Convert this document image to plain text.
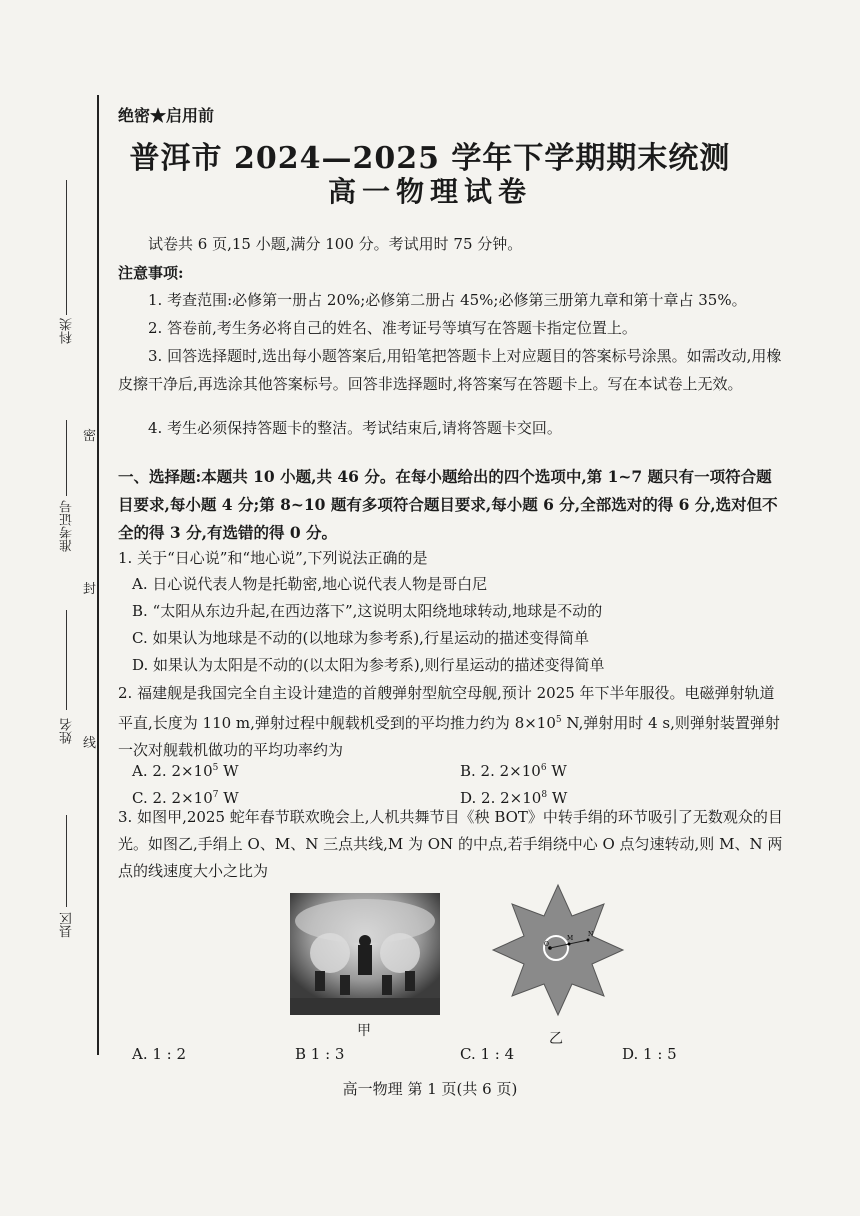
科类
准考证号
姓名
县区
密
封
线
绝密★启用前
普洱市 2024—2025 学年下学期期末统测
高一物理试卷
试卷共 6 页,15 小题,满分 100 分。考试用时 75 分钟。
注意事项:
1. 考查范围:必修第一册占 20%;必修第二册占 45%;必修第三册第九章和第十章占 35%。
2. 答卷前,考生务必将自己的姓名、准考证号等填写在答题卡指定位置上。
3. 回答选择题时,选出每小题答案后,用铅笔把答题卡上对应题目的答案标号涂黑。如需改动,用橡皮擦干净后,再选涂其他答案标号。回答非选择题时,将答案写在答题卡上。写在本试卷上无效。
4. 考生必须保持答题卡的整洁。考试结束后,请将答题卡交回。
一、选择题:本题共 10 小题,共 46 分。在每小题给出的四个选项中,第 1~7 题只有一项符合题目要求,每小题 4 分;第 8~10 题有多项符合题目要求,每小题 6 分,全部选对的得 6 分,选对但不全的得 3 分,有选错的得 0 分。
1. 关于“日心说”和“地心说”,下列说法正确的是
A. 日心说代表人物是托勒密,地心说代表人物是哥白尼
B. “太阳从东边升起,在西边落下”,这说明太阳绕地球转动,地球是不动的
C. 如果认为地球是不动的(以地球为参考系),行星运动的描述变得简单
D. 如果认为太阳是不动的(以太阳为参考系),则行星运动的描述变得简单
2. 福建舰是我国完全自主设计建造的首艘弹射型航空母舰,预计 2025 年下半年服役。电磁弹射轨道平直,长度为 110 m,弹射过程中舰载机受到的平均推力约为 $8\times 10^5$ N,弹射用时 4 s,则弹射装置弹射一次对舰载机做功的平均功率约为
A. 2. $2\times 10^5$ W	B. 2. $2\times 10^6$ W
C. 2. $2\times 10^7$ W	D. 2. $2\times 10^8$ W
3. 如图甲,2025 蛇年春节联欢晚会上,人机共舞节目《秧 BOT》中转手绢的环节吸引了无数观众的目光。如图乙,手绢上 O、M、N 三点共线,M 为 ON 的中点,若手绢绕中心 O 点匀速转动,则 M、N 两点的线速度大小之比为
甲
O
M
N
乙
A. 1 : 2	B 1 : 3	C. 1 : 4	D. 1 : 5
高一物理 第 1 页(共 6 页)
